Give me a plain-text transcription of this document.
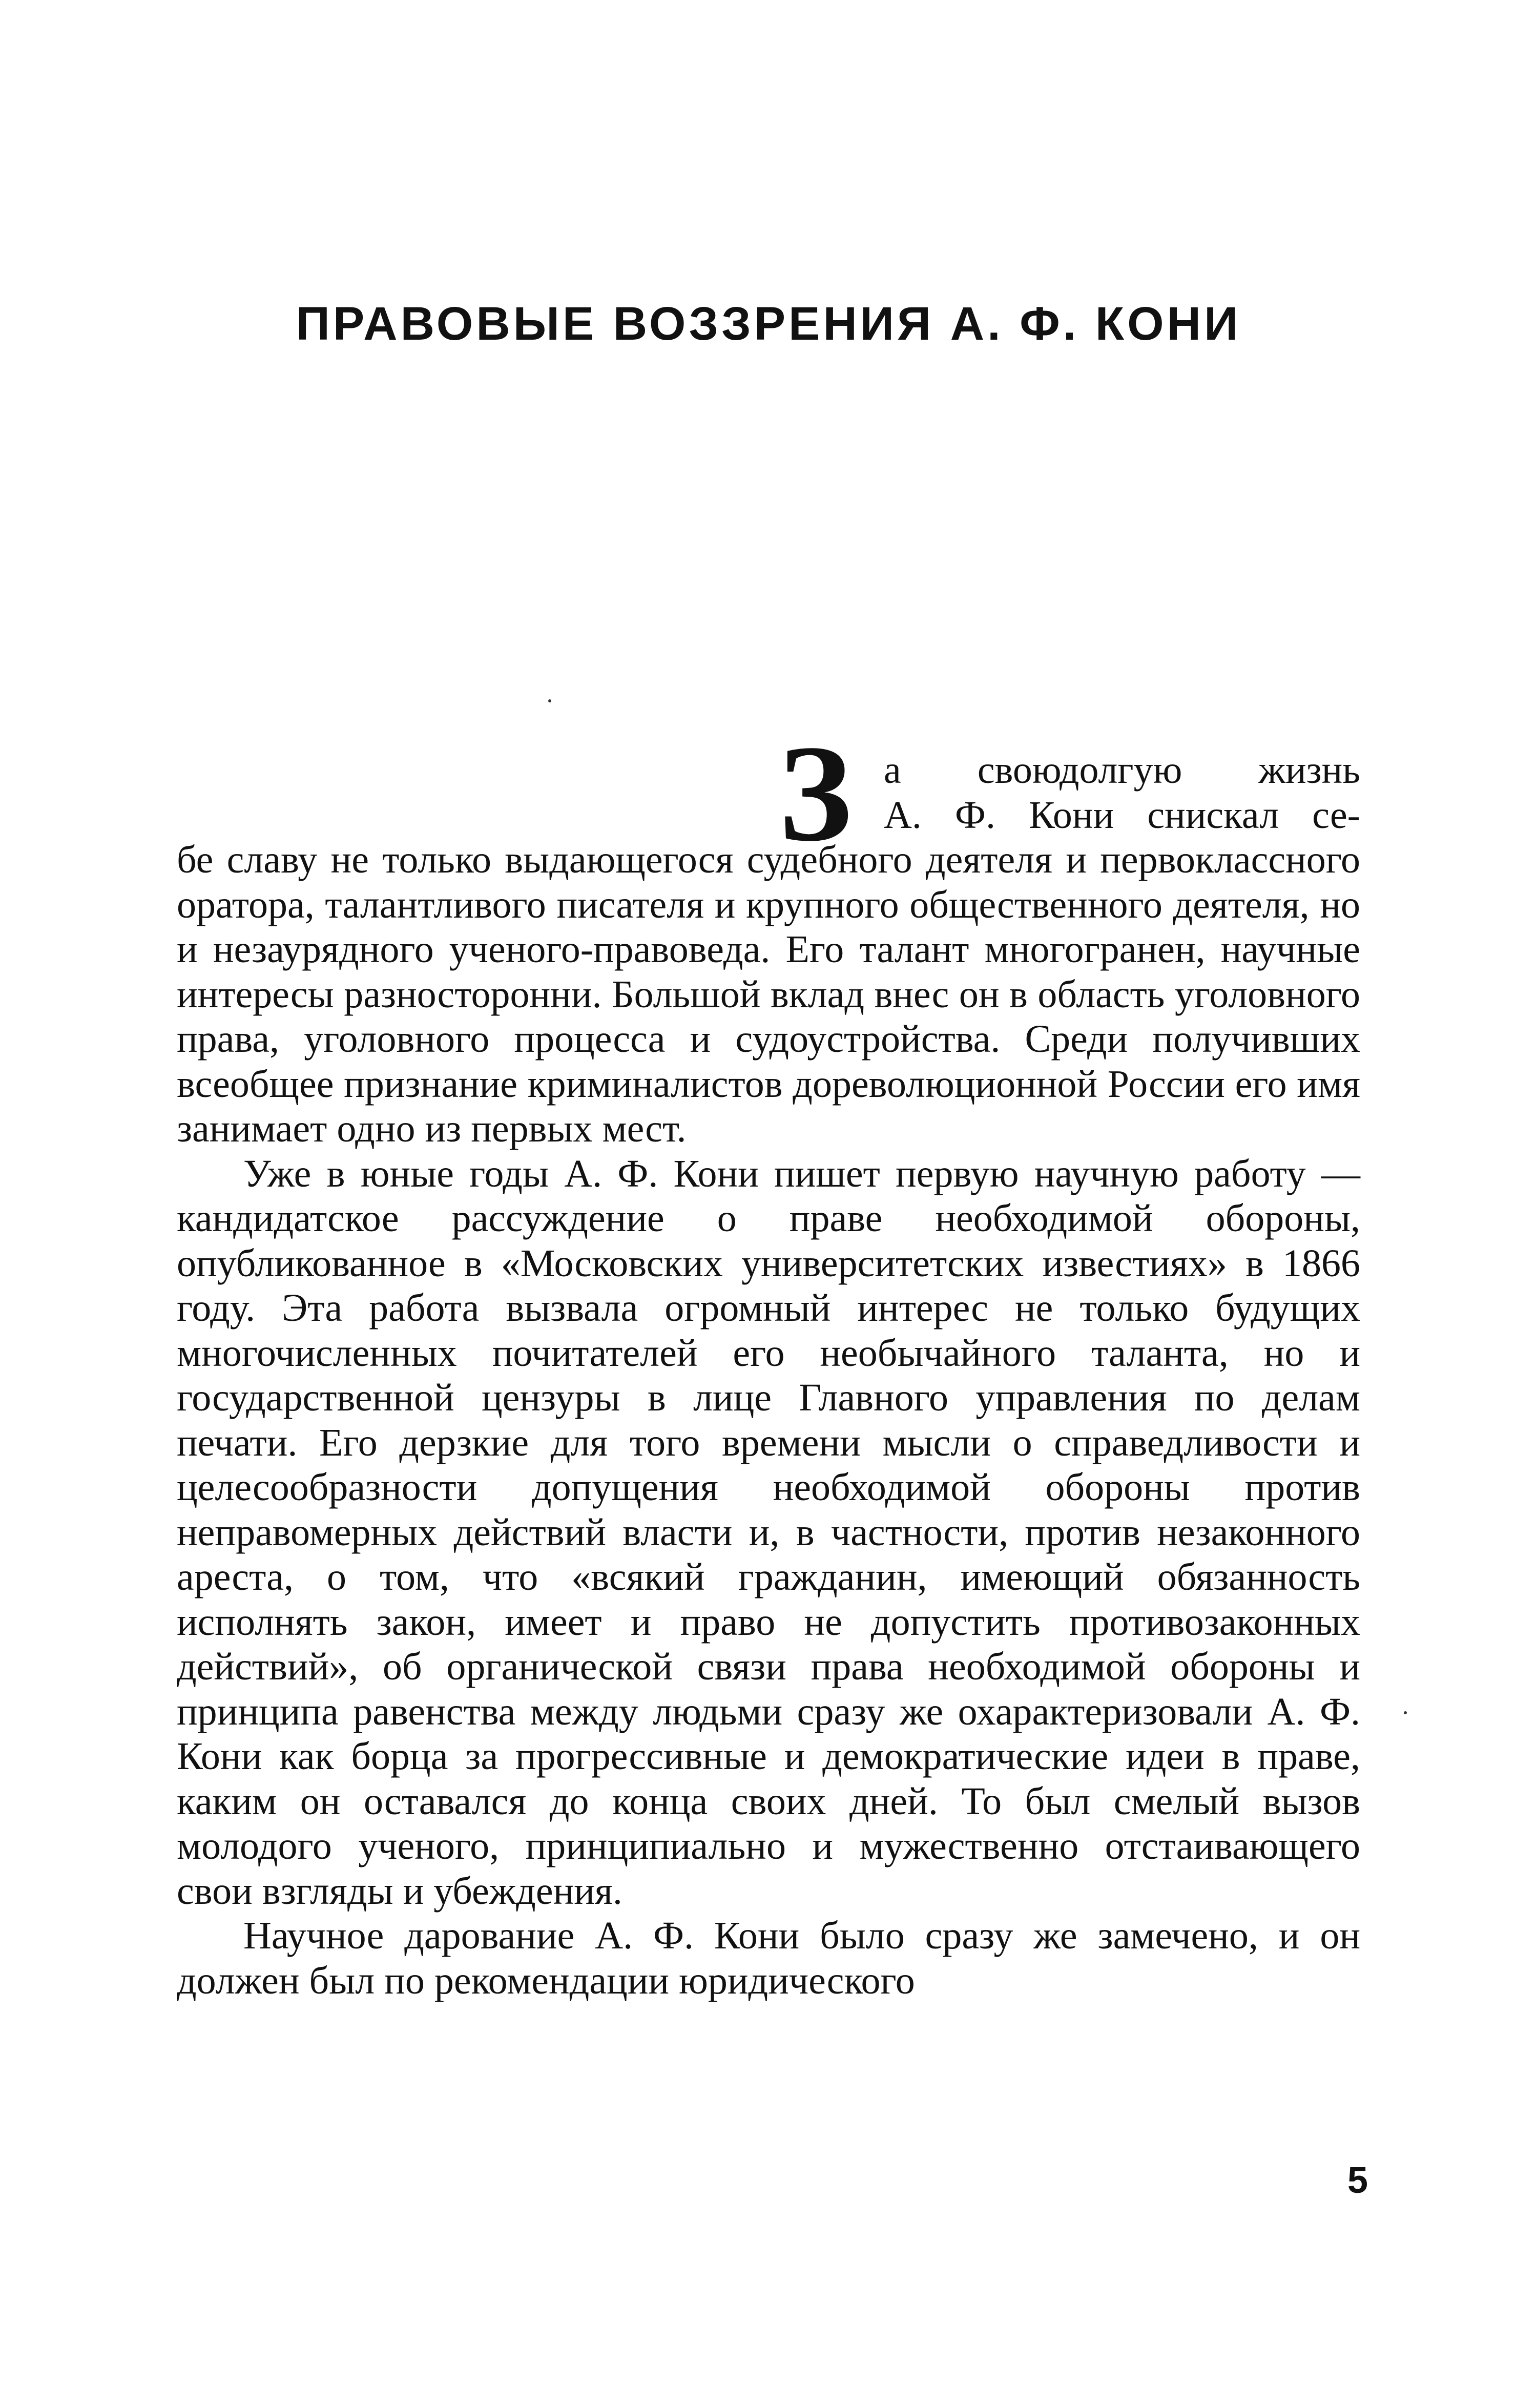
ПРАВОВЫЕ ВОЗЗРЕНИЯ А. Ф. КОНИ
З а своюдолгую жизнь
А. Ф. Кони снискал се-

бе славу не только выдающегося судебного деятеля и первоклассного оратора, талантливого писателя и крупного общественного деятеля, но и незаурядного ученого-правоведа. Его талант многогранен, научные интересы разносторонни. Большой вклад внес он в область уголовного права, уголовного процесса и судоустройства. Среди получивших всеобщее признание криминалистов дореволюционной России его имя занимает одно из первых мест.

Уже в юные годы А. Ф. Кони пишет первую научную работу — кандидатское рассуждение о праве необходимой обороны, опубликованное в «Московских университетских известиях» в 1866 году. Эта работа вызвала огромный интерес не только будущих многочисленных почитателей его необычайного таланта, но и государственной цензуры в лице Главного управления по делам печати. Его дерзкие для того времени мысли о справедливости и целесообразности допущения необходимой обороны против неправомерных действий власти и, в частности, против незаконного ареста, о том, что «всякий гражданин, имеющий обязанность исполнять закон, имеет и право не допустить противозаконных действий», об органической связи права необходимой обороны и принципа равенства между людьми сразу же охарактеризовали А. Ф. Кони как борца за прогрессивные и демократические идеи в праве, каким он оставался до конца своих дней. То был смелый вызов молодого ученого, принципиально и мужественно отстаивающего свои взгляды и убеждения.

Научное дарование А. Ф. Кони было сразу же замечено, и он должен был по рекомендации юридического

5
